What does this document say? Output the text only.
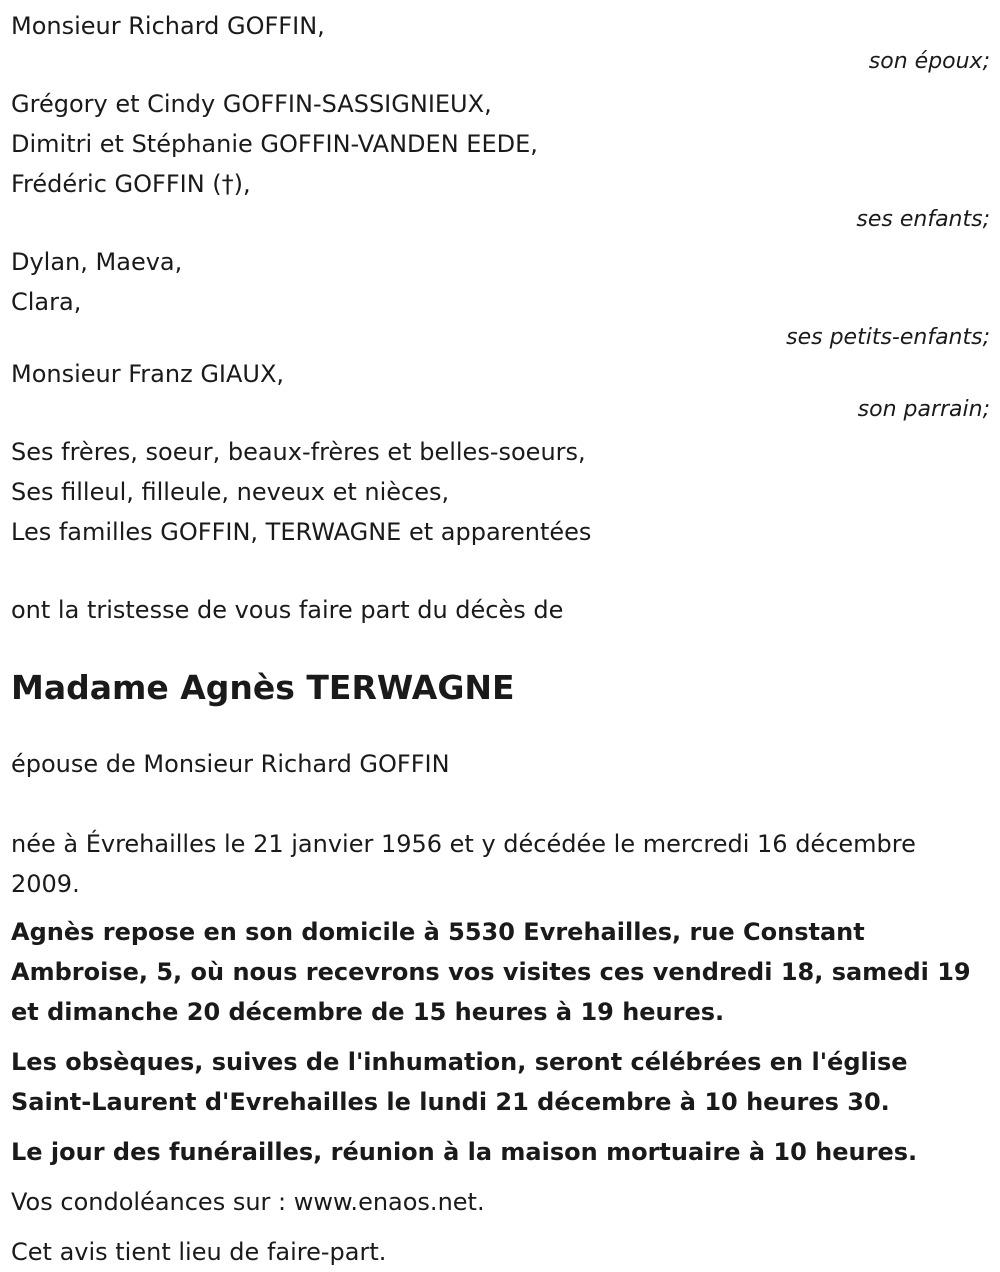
Monsieur Richard GOFFIN,
son époux;
Grégory et Cindy GOFFIN-SASSIGNIEUX,
Dimitri et Stéphanie GOFFIN-VANDEN EEDE,
Frédéric GOFFIN (†),
ses enfants;
Dylan, Maeva,
Clara,
ses petits-enfants;
Monsieur Franz GIAUX,
son parrain;
Ses frères, soeur, beaux-frères et belles-soeurs,
Ses filleul, filleule, neveux et nièces,
Les familles GOFFIN, TERWAGNE et apparentées
ont la tristesse de vous faire part du décès de
Madame Agnès TERWAGNE
épouse de Monsieur Richard GOFFIN
née à Évrehailles le 21 janvier 1956 et y décédée le mercredi 16 décembre 2009.
Agnès repose en son domicile à 5530 Evrehailles, rue Constant Ambroise, 5, où nous recevrons vos visites ces vendredi 18, samedi 19 et dimanche 20 décembre de 15 heures à 19 heures.
Les obsèques, suives de l'inhumation, seront célébrées en l'église Saint-Laurent d'Evrehailles le lundi 21 décembre à 10 heures 30.
Le jour des funérailles, réunion à la maison mortuaire à 10 heures.
Vos condoléances sur : www.enaos.net.
Cet avis tient lieu de faire-part.
